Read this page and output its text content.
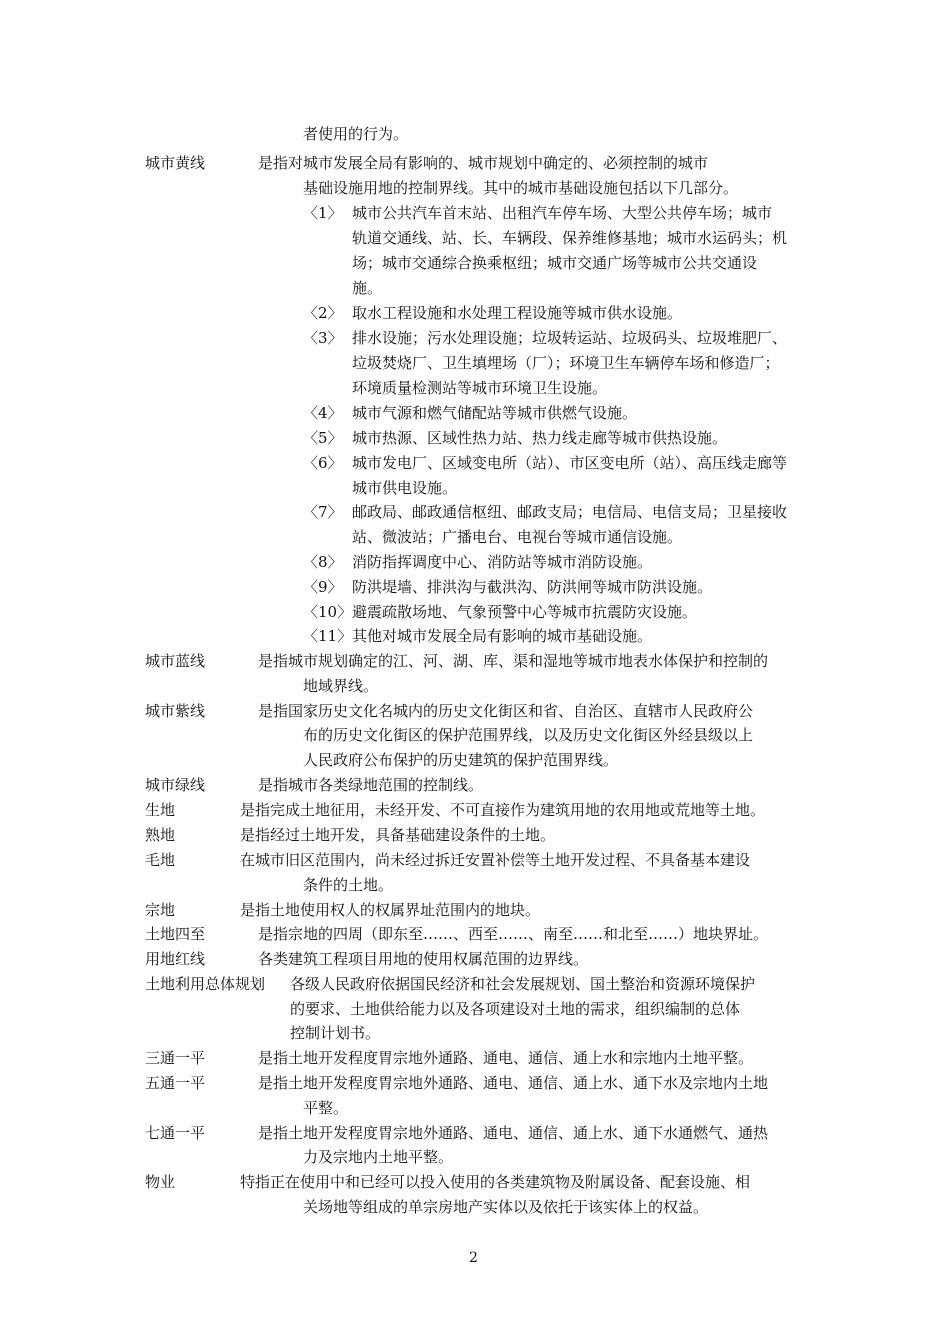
者使用的行为。

城市黄线	是指对城市发展全局有影响的、城市规划中确定的、必须控制的城市
基础设施用地的控制界线。其中的城市基础设施包括以下几部分。
〈1〉 城市公共汽车首末站、出租汽车停车场、大型公共停车场；城市
轨道交通线、站、长、车辆段、保养维修基地；城市水运码头；机
场；城市交通综合换乘枢纽；城市交通广场等城市公共交通设
施。
〈2〉 取水工程设施和水处理工程设施等城市供水设施。
〈3〉 排水设施；污水处理设施；垃圾转运站、垃圾码头、垃圾堆肥厂、
垃圾焚烧厂、卫生填埋场（厂）；环境卫生车辆停车场和修造厂；
环境质量检测站等城市环境卫生设施。
〈4〉 城市气源和燃气储配站等城市供燃气设施。
〈5〉 城市热源、区域性热力站、热力线走廊等城市供热设施。
〈6〉 城市发电厂、区域变电所（站）、市区变电所（站）、高压线走廊等
城市供电设施。
〈7〉 邮政局、邮政通信枢纽、邮政支局；电信局、电信支局；卫星接收
站、微波站；广播电台、电视台等城市通信设施。
〈8〉 消防指挥调度中心、消防站等城市消防设施。
〈9〉 防洪堤墙、排洪沟与截洪沟、防洪闸等城市防洪设施。
〈10〉 避震疏散场地、气象预警中心等城市抗震防灾设施。
〈11〉 其他对城市发展全局有影响的城市基础设施。
城市蓝线	是指城市规划确定的江、河、湖、库、渠和湿地等城市地表水体保护和控制的
地域界线。
城市紫线	是指国家历史文化名城内的历史文化街区和省、自治区、直辖市人民政府公
布的历史文化街区的保护范围界线，以及历史文化街区外经县级以上
人民政府公布保护的历史建筑的保护范围界线。
城市绿线	是指城市各类绿地范围的控制线。
生地	是指完成土地征用，未经开发、不可直接作为建筑用地的农用地或荒地等土地。
熟地	是指经过土地开发，具备基础建设条件的土地。
毛地	在城市旧区范围内，尚未经过拆迁安置补偿等土地开发过程、不具备基本建设
条件的土地。
宗地	是指土地使用权人的权属界址范围内的地块。
土地四至	是指宗地的四周（即东至……、西至……、南至……和北至……）地块界址。
用地红线	各类建筑工程项目用地的使用权属范围的边界线。
土地利用总体规划 各级人民政府依据国民经济和社会发展规划、国土整治和资源环境保护
的要求、土地供给能力以及各项建设对土地的需求，组织编制的总体
控制计划书。
三通一平	是指土地开发程度胃宗地外通路、通电、通信、通上水和宗地内土地平整。
五通一平	是指土地开发程度胃宗地外通路、通电、通信、通上水、通下水及宗地内土地
平整。
七通一平	是指土地开发程度胃宗地外通路、通电、通信、通上水、通下水通燃气、通热
力及宗地内土地平整。
物业	特指正在使用中和已经可以投入使用的各类建筑物及附属设备、配套设施、相
关场地等组成的单宗房地产实体以及依托于该实体上的权益。
2
